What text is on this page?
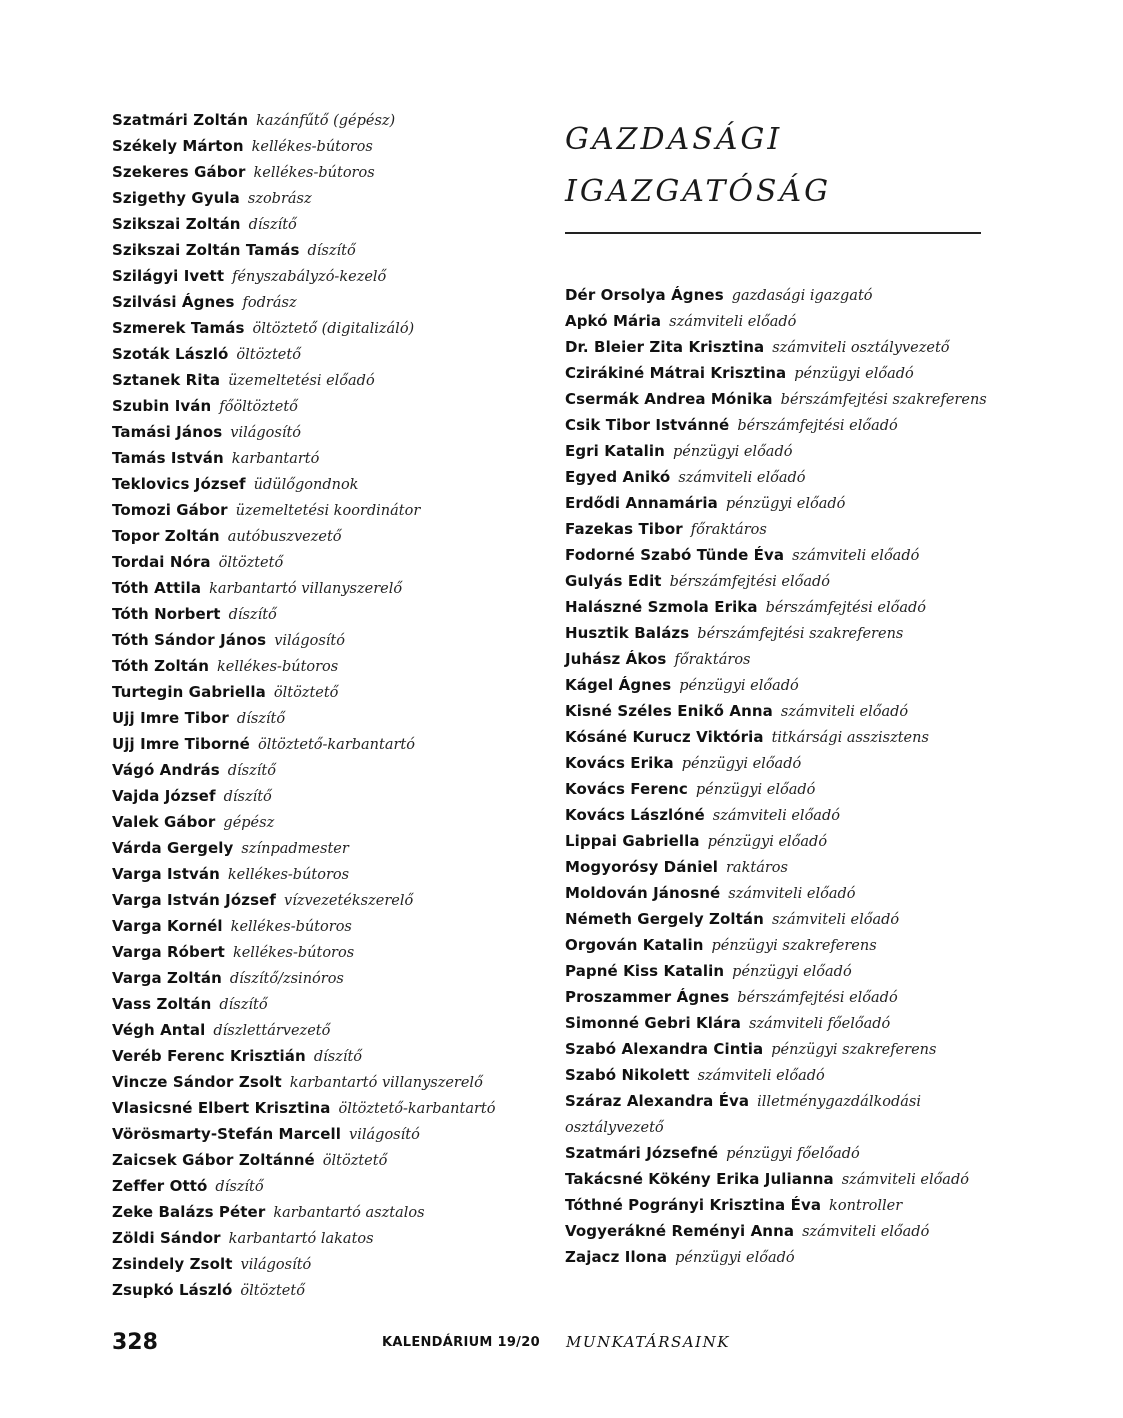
Szatmári Zoltán kazánfűtő (gépész)
Székely Márton kellékes-bútoros
Szekeres Gábor kellékes-bútoros
Szigethy Gyula szobrász
Szikszai Zoltán díszítő
Szikszai Zoltán Tamás díszítő
Szilágyi Ivett fényszabályzó-kezelő
Szilvási Ágnes fodrász
Szmerek Tamás öltöztető (digitalizáló)
Szoták László öltöztető
Sztanek Rita üzemeltetési előadó
Szubin Iván főöltöztető
Tamási János világosító
Tamás István karbantartó
Teklovics József üdülőgondnok
Tomozi Gábor üzemeltetési koordinátor
Topor Zoltán autóbuszvezető
Tordai Nóra öltöztető
Tóth Attila karbantartó villanyszerelő
Tóth Norbert díszítő
Tóth Sándor János világosító
Tóth Zoltán kellékes-bútoros
Turtegin Gabriella öltöztető
Ujj Imre Tibor díszítő
Ujj Imre Tiborné öltöztető-karbantartó
Vágó András díszítő
Vajda József díszítő
Valek Gábor gépész
Várda Gergely színpadmester
Varga István kellékes-bútoros
Varga István József vízvezetékszerelő
Varga Kornél kellékes-bútoros
Varga Róbert kellékes-bútoros
Varga Zoltán díszítő/zsinóros
Vass Zoltán díszítő
Végh Antal díszlettárvezető
Veréb Ferenc Krisztián díszítő
Vincze Sándor Zsolt karbantartó villanyszerelő
Vlasicsné Elbert Krisztina öltöztető-karbantartó
Vörösmarty-Stefán Marcell világosító
Zaicsek Gábor Zoltánné öltöztető
Zeffer Ottó díszítő
Zeke Balázs Péter karbantartó asztalos
Zöldi Sándor karbantartó lakatos
Zsindely Zsolt világosító
Zsupkó László öltöztető
GAZDASÁGI
IGAZGATÓSÁG
Dér Orsolya Ágnes gazdasági igazgató
Apkó Mária számviteli előadó
Dr. Bleier Zita Krisztina számviteli osztályvezető
Czirákiné Mátrai Krisztina pénzügyi előadó
Csermák Andrea Mónika bérszámfejtési szakreferens
Csik Tibor Istvánné bérszámfejtési előadó
Egri Katalin pénzügyi előadó
Egyed Anikó számviteli előadó
Erdődi Annamária pénzügyi előadó
Fazekas Tibor főraktáros
Fodorné Szabó Tünde Éva számviteli előadó
Gulyás Edit bérszámfejtési előadó
Halászné Szmola Erika bérszámfejtési előadó
Husztik Balázs bérszámfejtési szakreferens
Juhász Ákos főraktáros
Kágel Ágnes pénzügyi előadó
Kisné Széles Enikő Anna számviteli előadó
Kósáné Kurucz Viktória titkársági asszisztens
Kovács Erika pénzügyi előadó
Kovács Ferenc pénzügyi előadó
Kovács Lászlóné számviteli előadó
Lippai Gabriella pénzügyi előadó
Mogyorósy Dániel raktáros
Moldován Jánosné számviteli előadó
Németh Gergely Zoltán számviteli előadó
Orgován Katalin pénzügyi szakreferens
Papné Kiss Katalin pénzügyi előadó
Proszammer Ágnes bérszámfejtési előadó
Simonné Gebri Klára számviteli főelőadó
Szabó Alexandra Cintia pénzügyi szakreferens
Szabó Nikolett számviteli előadó
Száraz Alexandra Éva illetménygazdálkodási osztályvezető
Szatmári Józsefné pénzügyi főelőadó
Takácsné Kökény Erika Julianna számviteli előadó
Tóthné Pogrányi Krisztina Éva kontroller
Vogyerákné Reményi Anna számviteli előadó
Zajacz Ilona pénzügyi előadó
328	KALENDÁRIUM 19/20 MUNKATÁRSAINK
